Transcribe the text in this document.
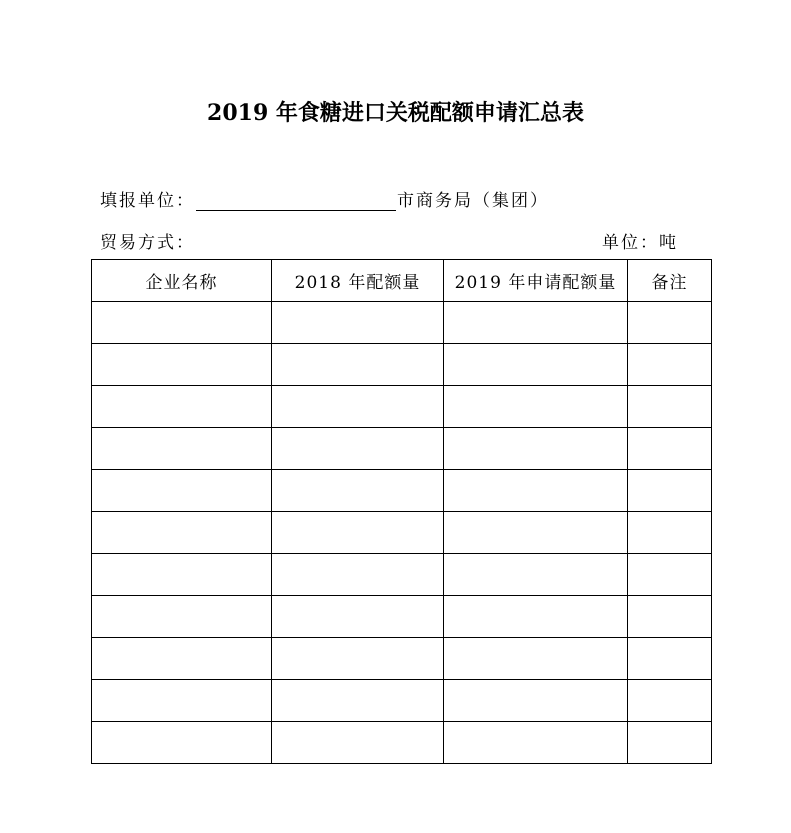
2019 年食糖进口关税配额申请汇总表
填报单位：	市商务局（集团）
贸易方式：	单位：吨
企业名称	2018 年配额量	2019 年申请配额量	备注
